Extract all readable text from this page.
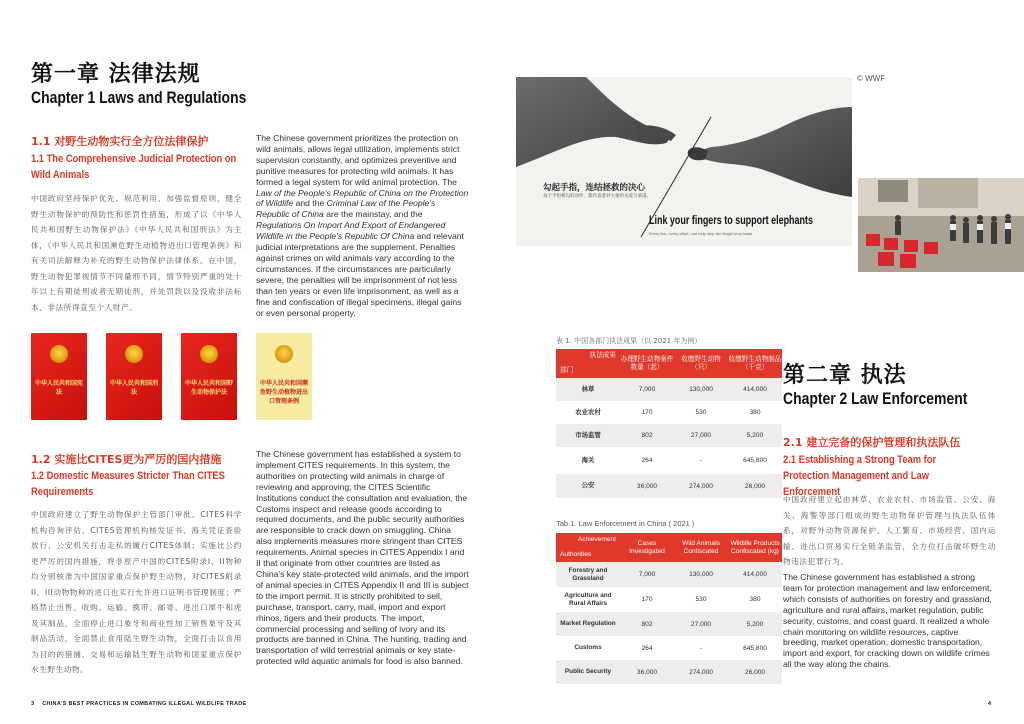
第一章 法律法规
Chapter 1 Laws and Regulations
1.1 对野生动物实行全方位法律保护
1.1 The Comprehensive Judicial Protection on Wild Animals
中国政府坚持保护优先、规范利用、加强监督原则，健全野生动物保护的预防性和惩罚性措施，形成了以《中华人民共和国野生动物保护法》《中华人民共和国刑法》为主体，《中华人民共和国濒危野生动植物进出口管理条例》和有关司法解释为补充的野生动物保护法律体系。在中国，野生动物犯罪视情节不同量刑不同，情节特别严重的处十年以上有期徒刑或者无期徒刑，并处罚款以及没收非法标本、非法所得直至个人财产。
The Chinese government prioritizes the protection on wild animals, allows legal utilization, implements strict supervision constantly, and optimizes preventive and punitive measures for protecting wild animals. It has formed a legal system for wild animal protection. The Law of the People's Republic of China on the Protection of Wildlife and the Criminal Law of the People's Republic of China are the mainstay, and the Regulations On Import And Export of Endangered Wildlife in the People's Republic Of China and relevant judicial interpretations are the supplement. Penalties against crimes on wild animals vary according to the circumstances. If the circumstances are particularly severe, the penalties will be imprisonment of not less than ten years or even life imprisonment, as well as a fine and confiscation of illegal specimens, illegal gains or even personal property.
中华人民共和国宪法
中华人民共和国刑法
中华人民共和国野生动物保护法
中华人民共和国濒危野生动植物进出口管理条例
1.2 实施比CITES更为严厉的国内措施
1.2 Domestic Measures Stricter Than CITES Requirements
中国政府建立了野生动物保护主管部门审批、CITES科学机构咨询评估、CITES管理机构核发证书、海关凭证查验放行、公安机关打击走私的履行CITES体制；实施比公约更严厉的国内措施，将非原产中国的CITES附录I、II物种均分别核准为中国国家重点保护野生动物，对CITES附录II、III动物物种的进口也实行允许进口证明书管理制度；严格禁止出售、收购、运输、携带、邮寄、进出口犀牛和虎及其制品，全面停止进口象牙和商业性加工销售象牙及其制品活动，全面禁止食用陆生野生动物，全面打击以食用为目的的猎捕、交易和运输陆生野生动物和国家重点保护水生野生动物。
The Chinese government has established a system to implement CITES requirements. In this system, the authorities on protecting wild animals in charge of reviewing and approving; the CITES Scientific Institutions conduct the consultation and evaluation, the Customs inspect and release goods according to required documents, and the public security authorities are responsible to crack down on smuggling. China also implements measures more stringent than CITES requirements. Animal species in CITES Appendix I and II that originate from other countries are listed as China's key state-protected wild animals, and the import of animal species in CITES Appendix II and III is subject to the import permit. It is strictly prohibited to sell, purchase, transport, carry, mail, import and export rhinos, tigers and their products. The import, commercial processing and selling of ivory and its products are banned in China. The hunting, trading and transportation of wild terrestrial animals or key state-protected wild aquatic animals for food is also banned.
3 CHINA'S BEST PRACTICES IN COMBATING ILLEGAL WILDLIFE TRADE
© WWF
勾起手指，连结拯救的决心
每个手指相勾的动作，都代表着对大象的关爱与承诺。
Link your fingers to support elephants
Every link, every effort, can help stop the illegal ivory trade.
表 1. 中国各部门执法成果（以 2021 年为例）
执法成果
部门	办理野生动物案件数量（起）	收缴野生动物（只）	收缴野生动物制品（千克）
林草	7,000	130,000	414,000
农业农村	170	530	380
市场监管	802	27,000	5,200
海关	264	-	645,800
公安	36,000	274,000	26,000
Tab 1. Law Enforcement in China ( 2021 )
Achievement
Authorities	Cases Investigated	Wild Animals Confiscated	Wildlife Products Confiscated (kg)
Forestry and Grassland	7,000	130,000	414,000
Agriculture and Rural Affairs	170	530	380
Market Regulation	802	27,000	5,200
Customs	264	-	645,800
Public Security	36,000	274,000	26,000
第二章 执法
Chapter 2 Law Enforcement
2.1 建立完备的保护管理和执法队伍
2.1 Establishing a Strong Team for Protection Management and Law Enforcement
中国政府建立起由林草、农业农村、市场监管、公安、海关、海警等部门组成的野生动物保护管理与执法队伍体系，对野外动物资源保护、人工繁育、市场经营、国内运输、进出口贸易实行全链条监管，全方位打击破坏野生动物违法犯罪行为。
The Chinese government has established a strong team for protection management and law enforcement, which consists of authorities on forestry and grassland, agriculture and rural affairs, market regulation, public security, customs, and coast guard. It realized a whole chain monitoring on wildlife resources, captive breeding, market operation, domestic transportation, import and export, for cracking down on wildlife crimes all the way along the chains.
4
